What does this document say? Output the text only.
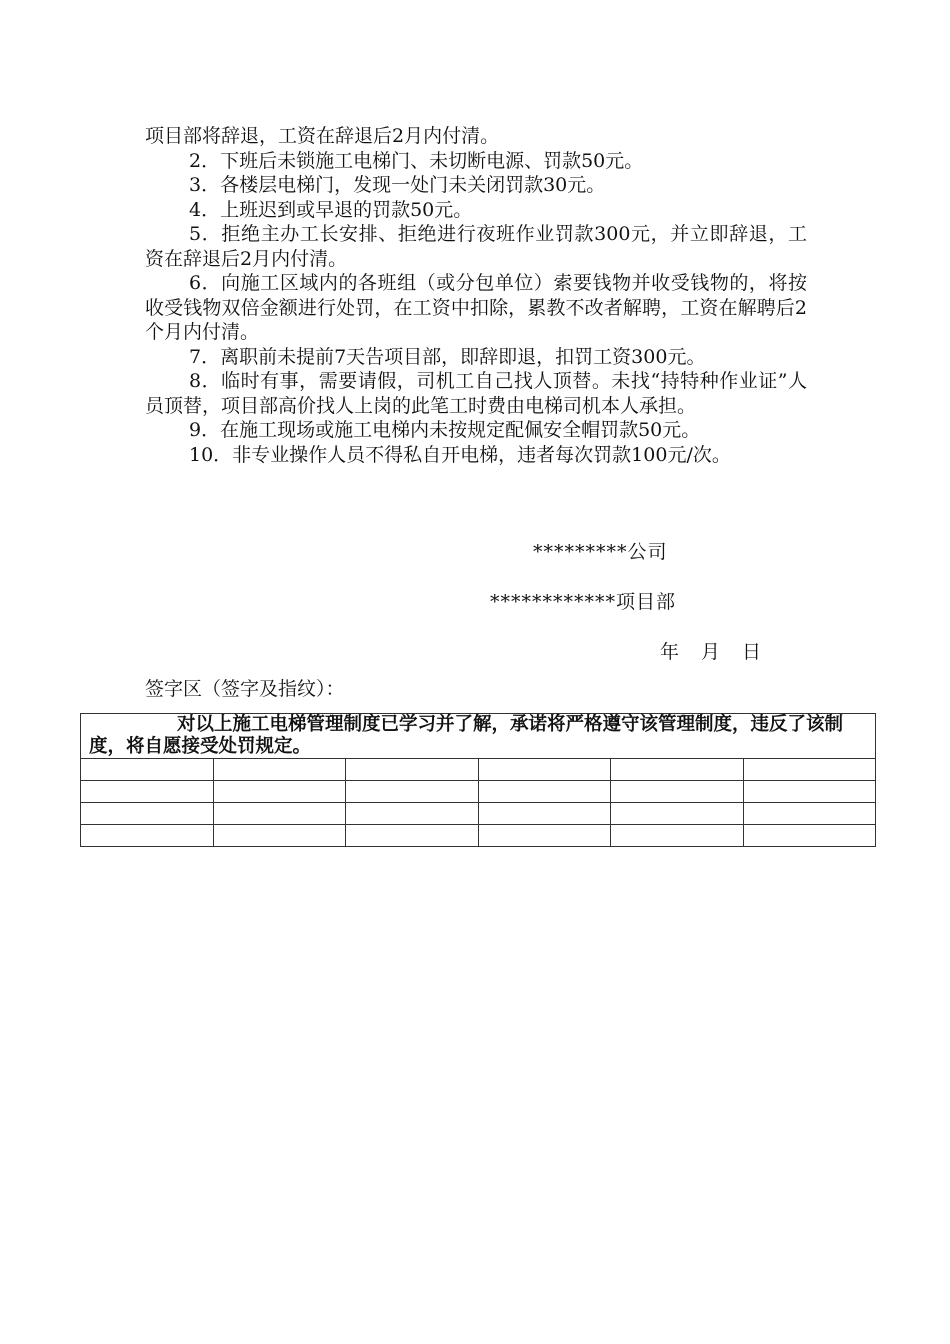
项目部将辞退，工资在辞退后2月内付清。

2．下班后未锁施工电梯门、未切断电源、罚款50元。

3．各楼层电梯门，发现一处门未关闭罚款30元。

4．上班迟到或早退的罚款50元。

5．拒绝主办工长安排、拒绝进行夜班作业罚款300元，并立即辞退，工资在辞退后2月内付清。

6．向施工区域内的各班组（或分包单位）索要钱物并收受钱物的，将按收受钱物双倍金额进行处罚，在工资中扣除，累教不改者解聘，工资在解聘后2个月内付清。

7．离职前未提前7天告项目部，即辞即退，扣罚工资300元。

8．临时有事，需要请假，司机工自己找人顶替。未找“持特种作业证”人员顶替，项目部高价找人上岗的此笔工时费由电梯司机本人承担。

9．在施工现场或施工电梯内未按规定配佩安全帽罚款50元。

10．非专业操作人员不得私自开电梯，违者每次罚款100元/次。

*********公司
************项目部
年 月 日
签字区（签字及指纹）：
对以上施工电梯管理制度已学习并了解，承诺将严格遵守该管理制度，违反了该制度，将自愿接受处罚规定。					
